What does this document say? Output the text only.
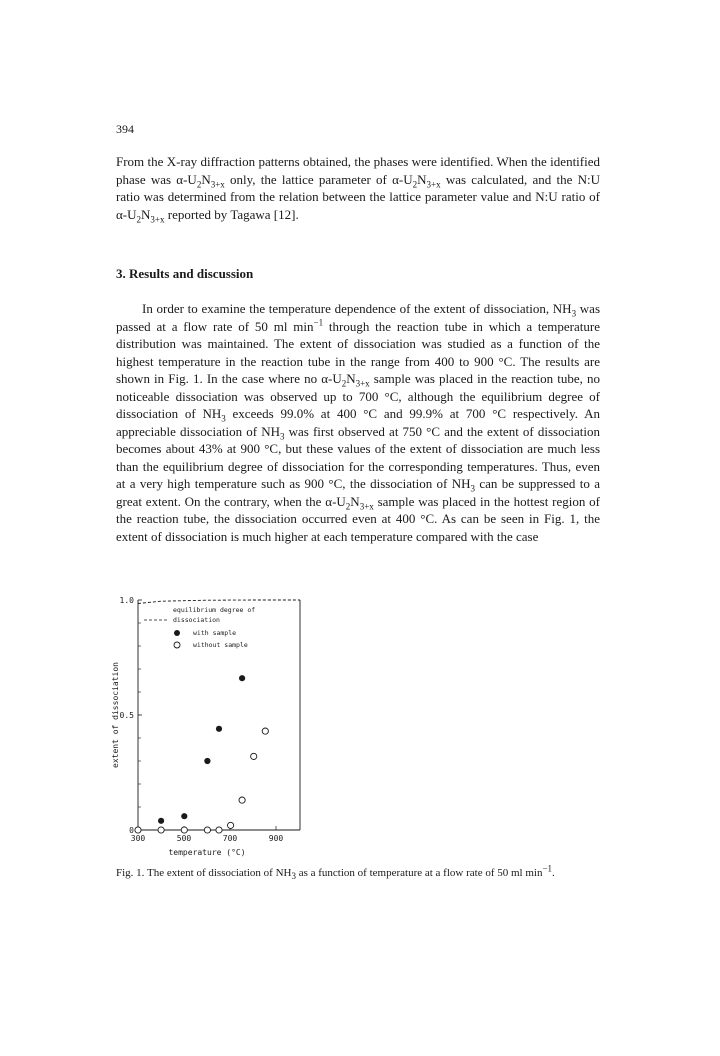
394
From the X-ray diffraction patterns obtained, the phases were identified. When the identified phase was $\alpha-U_2N_{3+x}$ only, the lattice parameter of $\alpha-U_2N_{3+x}$ was calculated, and the N:U ratio was determined from the relation between the lattice parameter value and N:U ratio of $\alpha-U_2N_{3+x}$ reported by Tagawa [12].
3. Results and discussion

In order to examine the temperature dependence of the extent of dissociation, $NH_3$ was passed at a flow rate of 50 ml $\min^{-1}$ through the reaction tube in which a temperature distribution was maintained. The extent of dissociation was studied as a function of the highest temperature in the reaction tube in the range from 400 to 900 °C. The results are shown in Fig. 1. In the case where no $\alpha-U_2N_{3+x}$ sample was placed in the reaction tube, no noticeable dissociation was observed up to 700 °C, although the equilibrium degree of dissociation of $NH_3$ exceeds 99.0% at 400 °C and 99.9% at 700 °C respectively. An appreciable dissociation of $NH_3$ was first observed at 750 °C and the extent of dissociation becomes about 43% at 900 °C, but these values of the extent of dissociation are much less than the equilibrium degree of dissociation for the corresponding temperatures. Thus, even at a very high temperature such as 900 °C, the dissociation of $NH_3$ can be suppressed to a great extent. On the contrary, when the $\alpha-U_2N_{3+x}$ sample was placed in the hottest region of the reaction tube, the dissociation occurred even at 400 °C. As can be seen in Fig. 1, the extent of dissociation is much higher at each temperature compared with the case

1.0
0.5
0
300	500	700	900
temperature (°C)
extent of dissociation
equilibrium degree of
dissociation
with sample
without sample
Fig. 1. The extent of dissociation of $NH_3$ as a function of temperature at a flow rate of 50 ml $\min^{-1}$.
